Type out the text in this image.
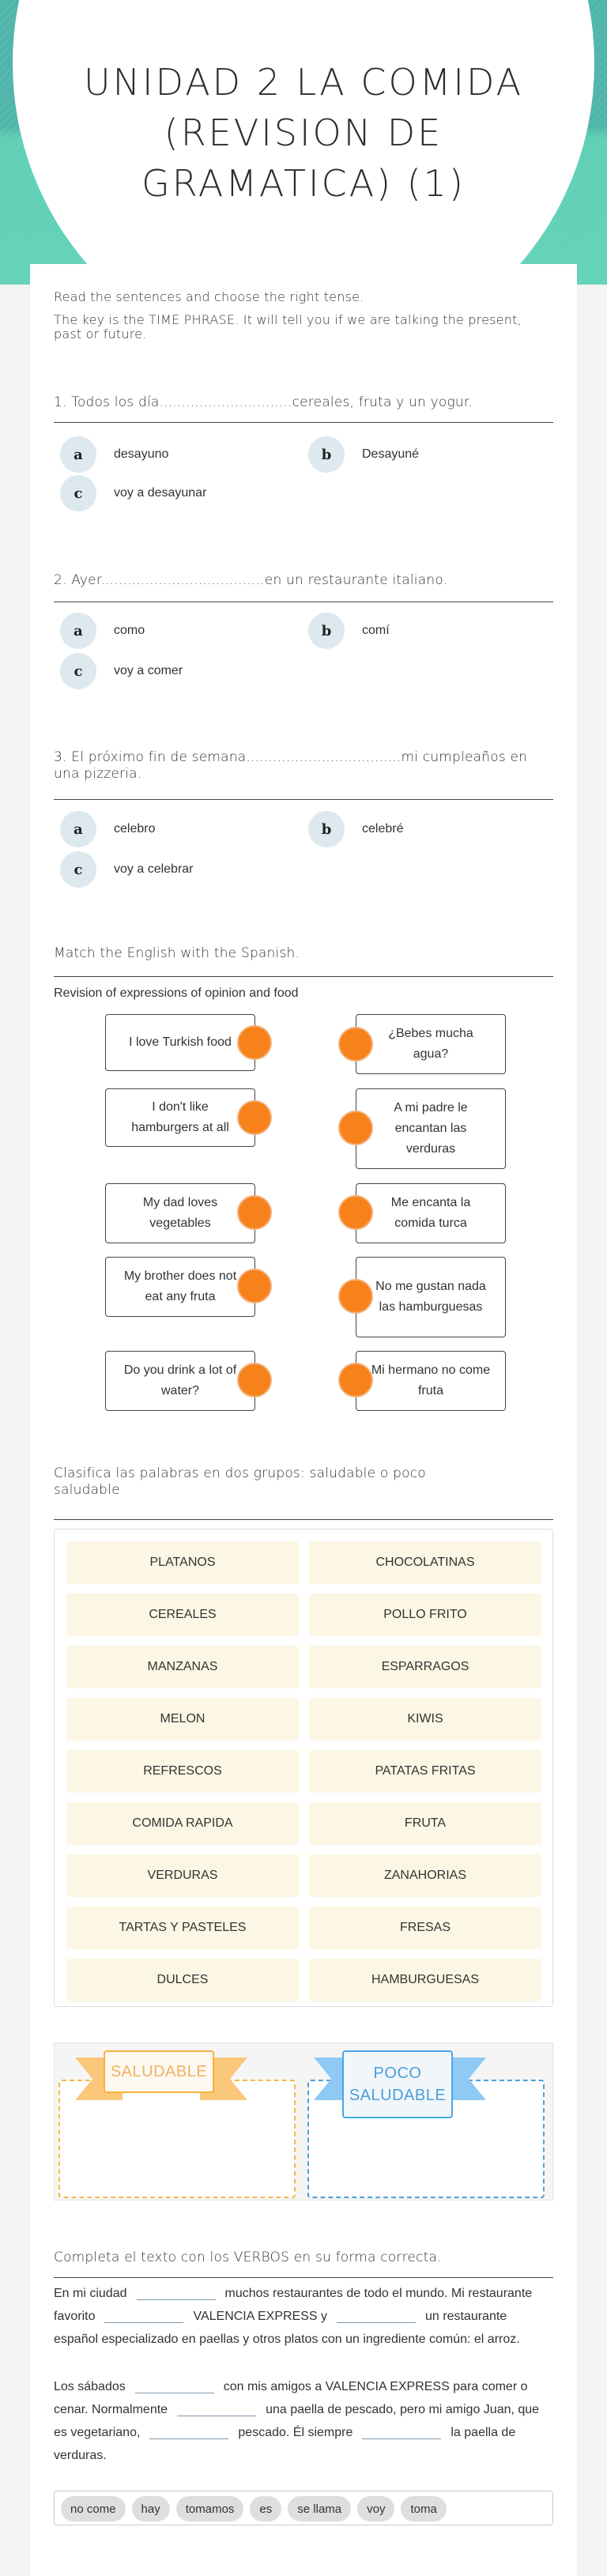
UNIDAD 2 LA COMIDA (REVISION DE GRAMATICA) (1)
Read the sentences and choose the right tense.
The key is the TIME PHRASE. It will tell you if we are talking the present, past or future.
1. Todos los día..............................cereales, fruta y un yogur.
a	desayuno	b	Desayuné
c	voy a desayunar
2. Ayer.....................................en un restaurante italiano.
a	como	b	comí
c	voy a comer
3. El próximo fin de semana...................................mi cumpleaños en una pizzeria.
a	celebro	b	celebré
c	voy a celebrar
Match the English with the Spanish.
Revision of expressions of opinion and food
I love Turkish food
¿Bebes mucha agua?
I don't like hamburgers at all
A mi padre le encantan las verduras
My dad loves vegetables
Me encanta la comida turca
My brother does not eat any fruta
No me gustan nada las hamburguesas
Do you drink a lot of water?
Mi hermano no come fruta
Clasifica las palabras en dos grupos: saludable o poco saludable
PLATANOS	CHOCOLATINAS
CEREALES	POLLO FRITO
MANZANAS	ESPARRAGOS
MELON	KIWIS
REFRESCOS	PATATAS FRITAS
COMIDA RAPIDA	FRUTA
VERDURAS	ZANAHORIAS
TARTAS Y PASTELES	FRESAS
DULCES	HAMBURGUESAS
SALUDABLE	POCO SALUDABLE
Completa el texto con los VERBOS en su forma correcta.
En mi ciudad	muchos restaurantes de todo el mundo. Mi restaurante favorito	VALENCIA EXPRESS y	un restaurante español especializado en paellas y otros platos con un ingrediente común: el arroz.
Los sábados	con mis amigos a VALENCIA EXPRESS para comer o cenar. Normalmente	una paella de pescado, pero mi amigo Juan, que es vegetariano,	pescado. Él siempre	la paella de verduras.
no come	hay	tomamos	es	se llama	voy	toma
